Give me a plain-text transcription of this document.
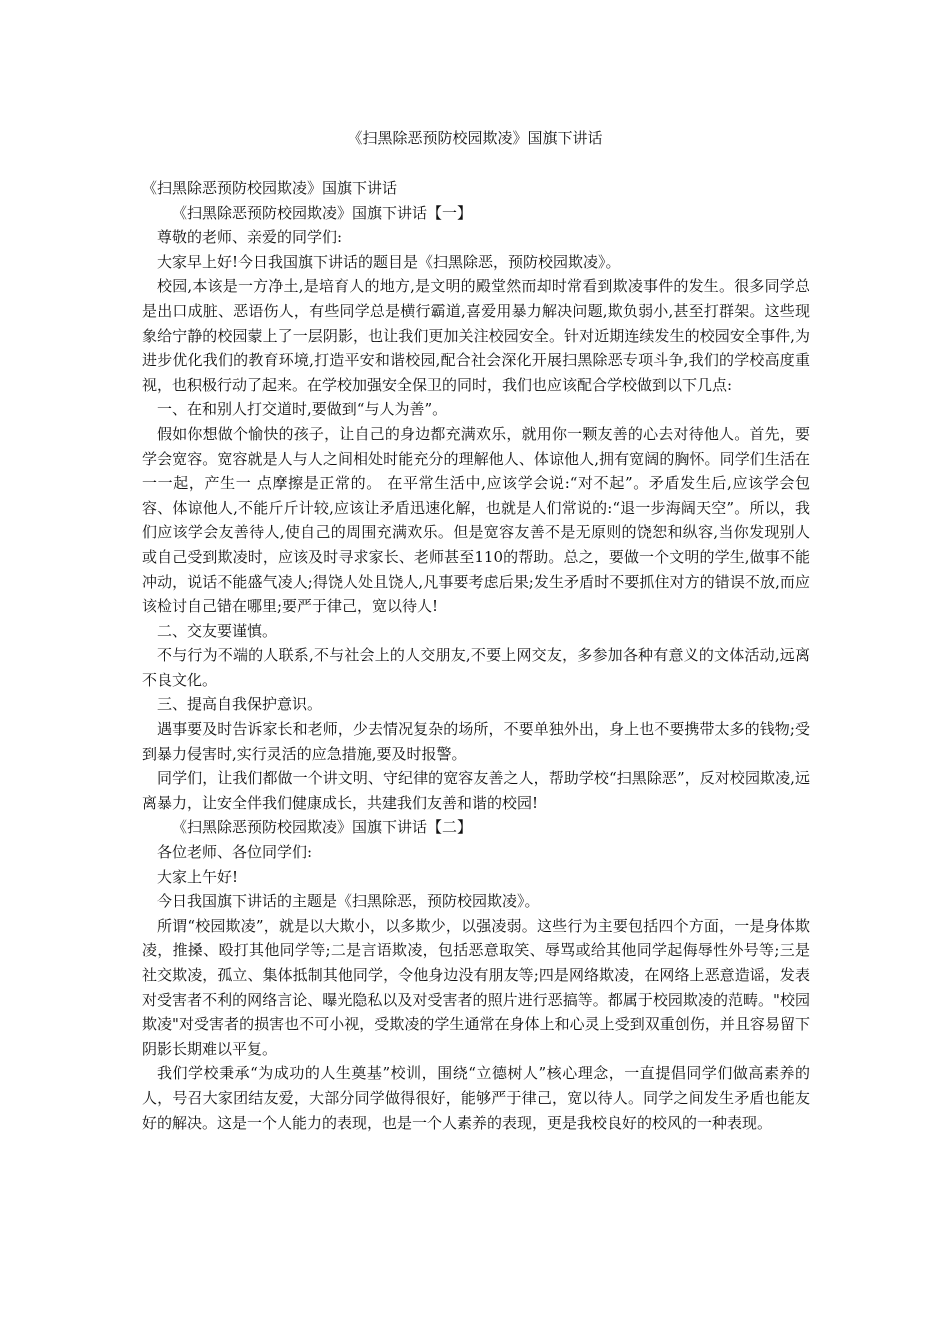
《扫黑除恶预防校园欺凌》国旗下讲话

《扫黑除恶预防校园欺凌》国旗下讲话

《扫黑除恶预防校园欺凌》国旗下讲话【一】

尊敬的老师、亲爱的同学们:

大家早上好!今日我国旗下讲话的题目是《扫黑除恶，预防校园欺凌》。

校园,本该是一方净土,是培育人的地方,是文明的殿堂然而却时常看到欺凌事件的发生。很多同学总是出口成脏、恶语伤人，有些同学总是横行霸道,喜爱用暴力解决问题,欺负弱小,甚至打群架。这些现象给宁静的校园蒙上了一层阴影，也让我们更加关注校园安全。针对近期连续发生的校园安全事件,为进步优化我们的教育环境,打造平安和谐校园,配合社会深化开展扫黑除恶专项斗争,我们的学校高度重视，也积极行动了起来。在学校加强安全保卫的同时，我们也应该配合学校做到以下几点:

一、在和别人打交道时,要做到“与人为善”。

假如你想做个愉快的孩子，让自己的身边都充满欢乐，就用你一颗友善的心去对待他人。首先，要学会宽容。宽容就是人与人之间相处时能充分的理解他人、体谅他人,拥有宽阔的胸怀。同学们生活在一一起，产生一 点摩擦是正常的。 在平常生活中,应该学会说:“对不起”。矛盾发生后,应该学会包容、体谅他人,不能斤斤计较,应该让矛盾迅速化解，也就是人们常说的:“退一步海阔天空”。所以，我们应该学会友善待人,使自己的周围充满欢乐。但是宽容友善不是无原则的饶恕和纵容,当你发现别人或自己受到欺凌时，应该及时寻求家长、老师甚至110的帮助。总之，要做一个文明的学生,做事不能冲动，说话不能盛气凌人;得饶人处且饶人,凡事要考虑后果;发生矛盾时不要抓住对方的错误不放,而应该检讨自己错在哪里;要严于律己，宽以待人!

二、交友要谨慎。

不与行为不端的人联系,不与社会上的人交朋友,不要上网交友，多参加各种有意义的文体活动,远离不良文化。

三、提高自我保护意识。

遇事要及时告诉家长和老师，少去情况复杂的场所，不要单独外出，身上也不要携带太多的钱物;受到暴力侵害时,实行灵活的应急措施,要及时报警。

同学们，让我们都做一个讲文明、守纪律的宽容友善之人，帮助学校“扫黑除恶”，反对校园欺凌,远离暴力，让安全伴我们健康成长，共建我们友善和谐的校园!

《扫黑除恶预防校园欺凌》国旗下讲话【二】

各位老师、各位同学们:

大家上午好!

今日我国旗下讲话的主题是《扫黑除恶，预防校园欺凌》。

所谓“校园欺凌”，就是以大欺小，以多欺少，以强凌弱。这些行为主要包括四个方面，一是身体欺凌，推搡、殴打其他同学等;二是言语欺凌，包括恶意取笑、辱骂或给其他同学起侮辱性外号等;三是社交欺凌，孤立、集体抵制其他同学，令他身边没有朋友等;四是网络欺凌，在网络上恶意造谣，发表对受害者不利的网络言论、曝光隐私以及对受害者的照片进行恶搞等。都属于校园欺凌的范畴。"校园欺凌"对受害者的损害也不可小视，受欺凌的学生通常在身体上和心灵上受到双重创伤，并且容易留下阴影长期难以平复。

我们学校秉承“为成功的人生奠基”校训，围绕“立德树人”核心理念，一直提倡同学们做高素养的人，号召大家团结友爱，大部分同学做得很好，能够严于律己，宽以待人。同学之间发生矛盾也能友好的解决。这是一个人能力的表现，也是一个人素养的表现，更是我校良好的校风的一种表现。
